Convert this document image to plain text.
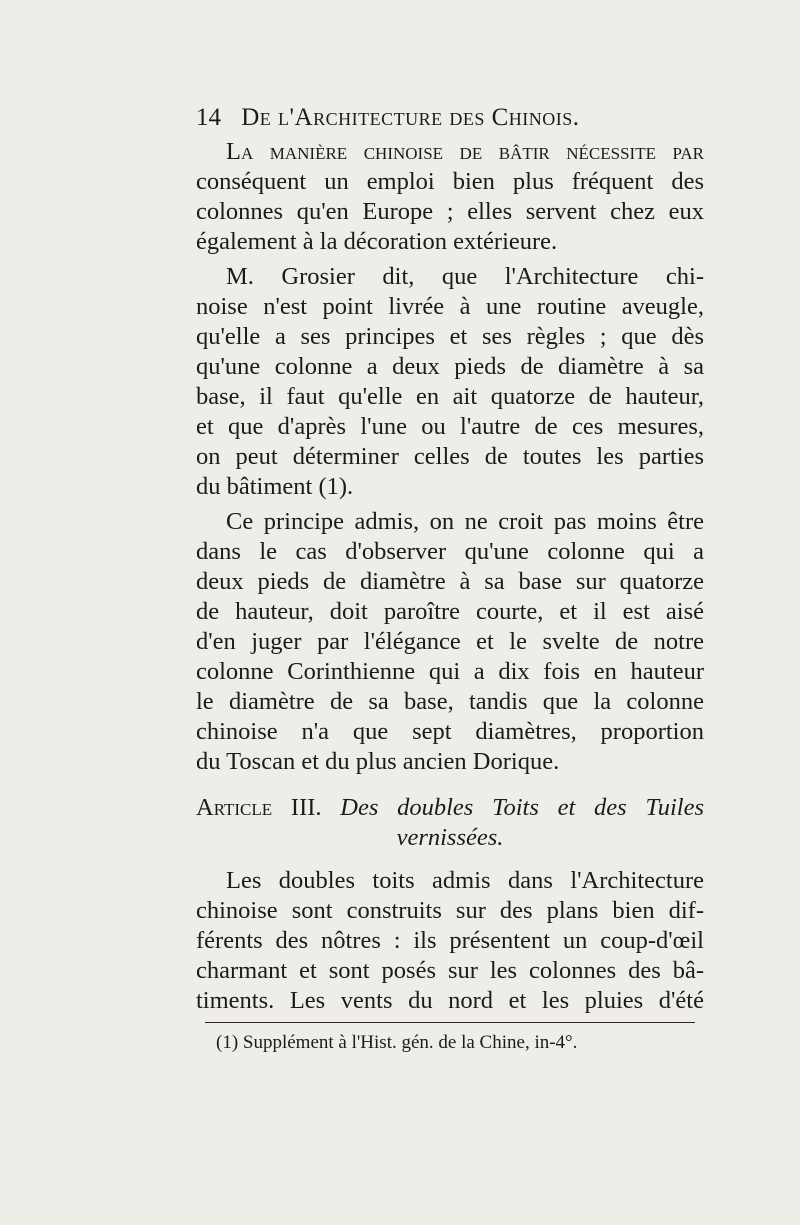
14 De l'Architecture des Chinois.
La manière chinoise de bâtir nécessite par
conséquent un emploi bien plus fréquent des
colonnes qu'en Europe ; elles servent chez eux
également à la décoration extérieure.
M. Grosier dit, que l'Architecture chi-
noise n'est point livrée à une routine aveugle,
qu'elle a ses principes et ses règles ; que dès
qu'une colonne a deux pieds de diamètre à sa
base, il faut qu'elle en ait quatorze de hauteur,
et que d'après l'une ou l'autre de ces mesures,
on peut déterminer celles de toutes les parties
du bâtiment (1).
Ce principe admis, on ne croit pas moins être
dans le cas d'observer qu'une colonne qui a
deux pieds de diamètre à sa base sur quatorze
de hauteur, doit paroître courte, et il est aisé
d'en juger par l'élégance et le svelte de notre
colonne Corinthienne qui a dix fois en hauteur
le diamètre de sa base, tandis que la colonne
chinoise n'a que sept diamètres, proportion
du Toscan et du plus ancien Dorique.
Article III. Des doubles Toits et des Tuiles
vernissées.
Les doubles toits admis dans l'Architecture
chinoise sont construits sur des plans bien dif-
férents des nôtres : ils présentent un coup-d'œil
charmant et sont posés sur les colonnes des bâ-
timents. Les vents du nord et les pluies d'été
(1) Supplément à l'Hist. gén. de la Chine, in-4°.
